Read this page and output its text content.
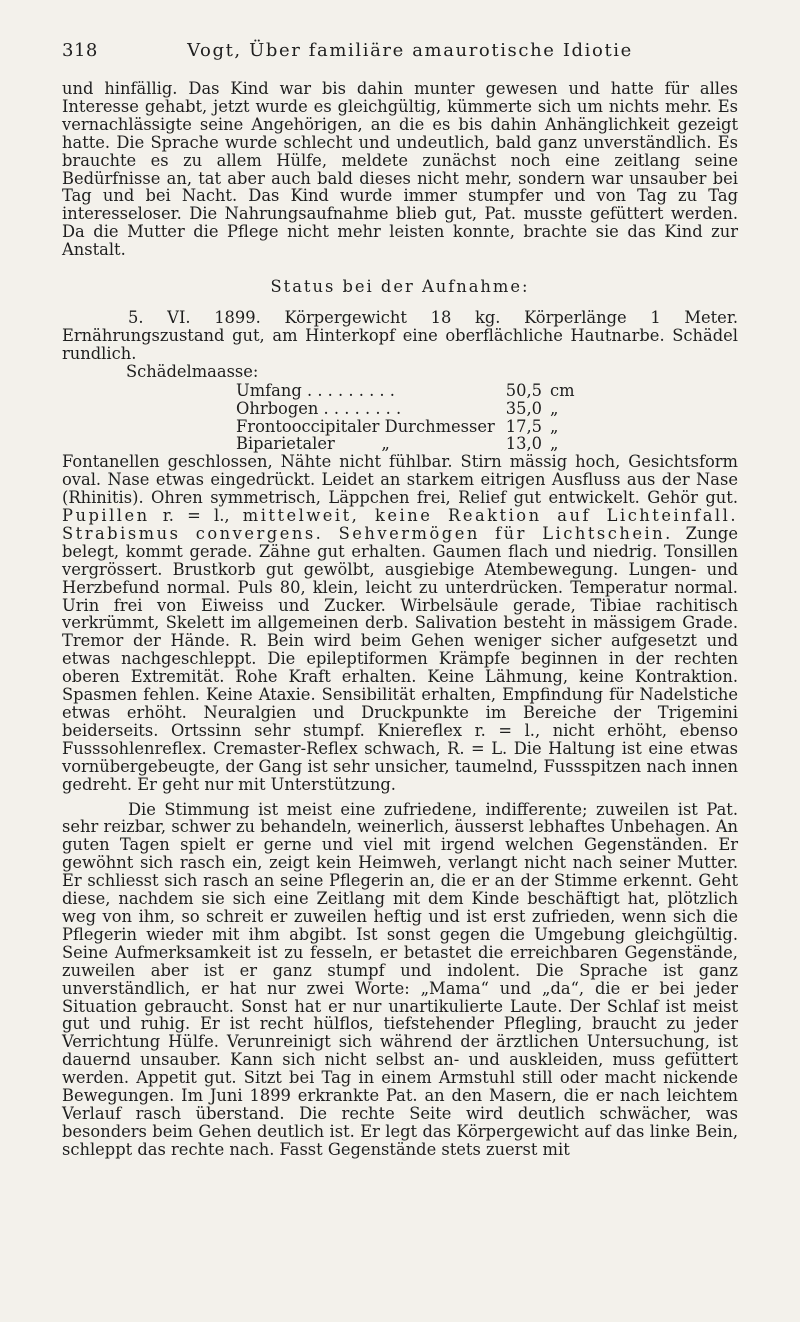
318	Vogt, Über familiäre amaurotische Idiotie

und hinfällig. Das Kind war bis dahin munter gewesen und hatte für alles Interesse gehabt, jetzt wurde es gleichgültig, kümmerte sich um nichts mehr. Es vernachlässigte seine Angehörigen, an die es bis dahin Anhänglichkeit gezeigt hatte. Die Sprache wurde schlecht und undeutlich, bald ganz unverständlich. Es brauchte es zu allem Hülfe, meldete zunächst noch eine zeitlang seine Bedürfnisse an, tat aber auch bald dieses nicht mehr, sondern war unsauber bei Tag und bei Nacht. Das Kind wurde immer stumpfer und von Tag zu Tag interesseloser. Die Nahrungsaufnahme blieb gut, Pat. musste gefüttert werden. Da die Mutter die Pflege nicht mehr leisten konnte, brachte sie das Kind zur Anstalt.

Status bei der Aufnahme:

5. VI. 1899. Körpergewicht 18 kg. Körperlänge 1 Meter. Ernährungszustand gut, am Hinterkopf eine oberflächliche Hautnarbe. Schädel rundlich.

Schädelmaasse:
Umfang . . . . . . . . .	50,5	cm
Ohrbogen . . . . . . . .	35,0	„
Frontooccipitaler Durchmesser	17,5	„
Biparietaler         „	13,0	„

Fontanellen geschlossen, Nähte nicht fühlbar. Stirn mässig hoch, Gesichtsform oval. Nase etwas eingedrückt. Leidet an starkem eitrigen Ausfluss aus der Nase (Rhinitis). Ohren symmetrisch, Läppchen frei, Relief gut entwickelt. Gehör gut. Pupillen r. = l., mittelweit, keine Reaktion auf Lichteinfall. Strabismus convergens. Sehvermögen für Lichtschein. Zunge belegt, kommt gerade. Zähne gut erhalten. Gaumen flach und niedrig. Tonsillen vergrössert. Brustkorb gut gewölbt, ausgiebige Atembewegung. Lungen- und Herzbefund normal. Puls 80, klein, leicht zu unterdrücken. Temperatur normal. Urin frei von Eiweiss und Zucker. Wirbelsäule gerade, Tibiae rachitisch verkrümmt, Skelett im allgemeinen derb. Salivation besteht in mässigem Grade. Tremor der Hände. R. Bein wird beim Gehen weniger sicher aufgesetzt und etwas nachgeschleppt. Die epileptiformen Krämpfe beginnen in der rechten oberen Extremität. Rohe Kraft erhalten. Keine Lähmung, keine Kontraktion. Spasmen fehlen. Keine Ataxie. Sensibilität erhalten, Empfindung für Nadelstiche etwas erhöht. Neuralgien und Druckpunkte im Bereiche der Trigemini beiderseits. Ortssinn sehr stumpf. Kniereflex r. = l., nicht erhöht, ebenso Fusssohlenreflex. Cremaster-Reflex schwach, R. = L. Die Haltung ist eine etwas vornübergebeugte, der Gang ist sehr unsicher, taumelnd, Fussspitzen nach innen gedreht. Er geht nur mit Unterstützung.

Die Stimmung ist meist eine zufriedene, indifferente; zuweilen ist Pat. sehr reizbar, schwer zu behandeln, weinerlich, äusserst lebhaftes Unbehagen. An guten Tagen spielt er gerne und viel mit irgend welchen Gegenständen. Er gewöhnt sich rasch ein, zeigt kein Heimweh, verlangt nicht nach seiner Mutter. Er schliesst sich rasch an seine Pflegerin an, die er an der Stimme erkennt. Geht diese, nachdem sie sich eine Zeitlang mit dem Kinde beschäftigt hat, plötzlich weg von ihm, so schreit er zuweilen heftig und ist erst zufrieden, wenn sich die Pflegerin wieder mit ihm abgibt. Ist sonst gegen die Umgebung gleichgültig. Seine Aufmerksamkeit ist zu fesseln, er betastet die erreichbaren Gegenstände, zuweilen aber ist er ganz stumpf und indolent. Die Sprache ist ganz unverständlich, er hat nur zwei Worte: „Mama“ und „da“, die er bei jeder Situation gebraucht. Sonst hat er nur unartikulierte Laute. Der Schlaf ist meist gut und ruhig. Er ist recht hülflos, tiefstehender Pflegling, braucht zu jeder Verrichtung Hülfe. Verunreinigt sich während der ärztlichen Untersuchung, ist dauernd unsauber. Kann sich nicht selbst an- und auskleiden, muss gefüttert werden. Appetit gut. Sitzt bei Tag in einem Armstuhl still oder macht nickende Bewegungen. Im Juni 1899 erkrankte Pat. an den Masern, die er nach leichtem Verlauf rasch überstand. Die rechte Seite wird deutlich schwächer, was besonders beim Gehen deutlich ist. Er legt das Körpergewicht auf das linke Bein, schleppt das rechte nach. Fasst Gegenstände stets zuerst mit
